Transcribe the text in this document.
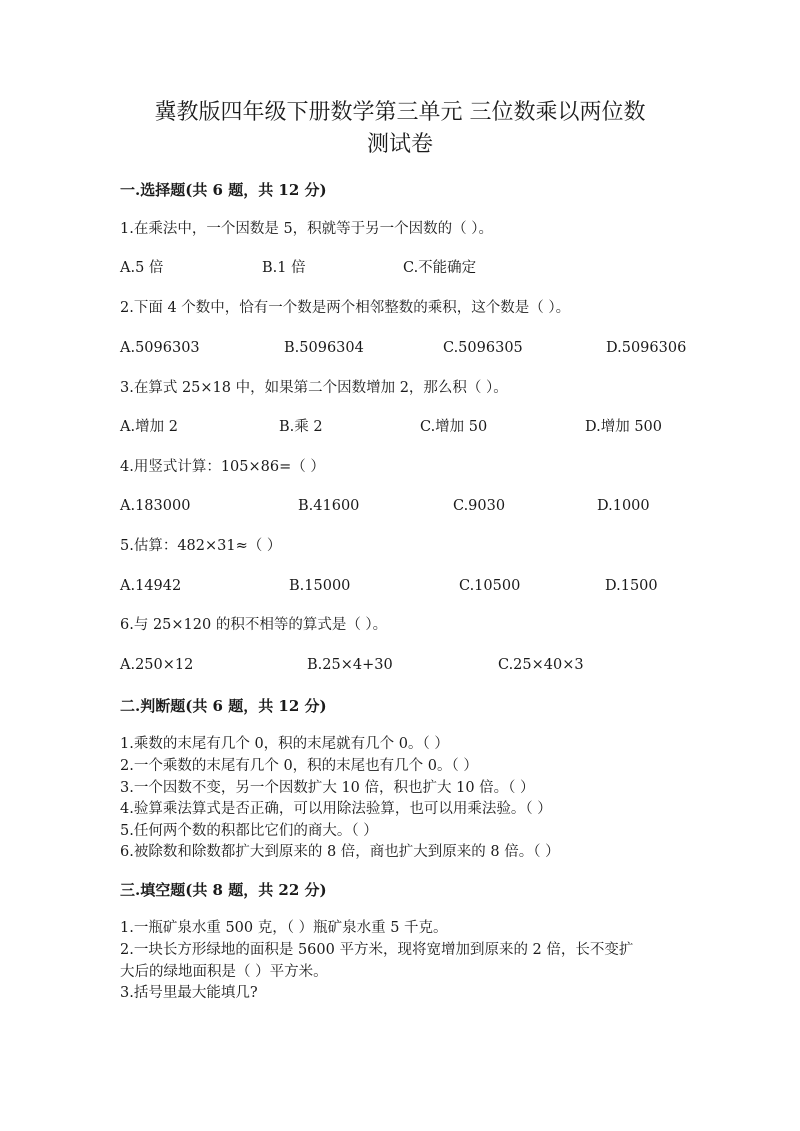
冀教版四年级下册数学第三单元 三位数乘以两位数
测试卷
一.选择题(共 6 题，共 12 分)
1.在乘法中，一个因数是 5，积就等于另一个因数的（ ）。
A.5 倍	B.1 倍	C.不能确定
2.下面 4 个数中，恰有一个数是两个相邻整数的乘积，这个数是（ ）。
A.5096303	B.5096304	C.5096305	D.5096306
3.在算式 25×18 中，如果第二个因数增加 2，那么积（ ）。
A.增加 2	B.乘 2	C.增加 50	D.增加 500
4.用竖式计算：105×86=（ ）
A.183000	B.41600	C.9030	D.1000
5.估算：482×31≈（ ）
A.14942	B.15000	C.10500	D.1500
6.与 25×120 的积不相等的算式是（ ）。
A.250×12	B.25×4+30	C.25×40×3
二.判断题(共 6 题，共 12 分)
1.乘数的末尾有几个 0，积的末尾就有几个 0。（ ）
2.一个乘数的末尾有几个 0，积的末尾也有几个 0。（ ）
3.一个因数不变，另一个因数扩大 10 倍，积也扩大 10 倍。（ ）
4.验算乘法算式是否正确，可以用除法验算，也可以用乘法验。（ ）
5.任何两个数的积都比它们的商大。（ ）
6.被除数和除数都扩大到原来的 8 倍，商也扩大到原来的 8 倍。（ ）
三.填空题(共 8 题，共 22 分)
1.一瓶矿泉水重 500 克，（ ）瓶矿泉水重 5 千克。
2.一块长方形绿地的面积是 5600 平方米，现将宽增加到原来的 2 倍，长不变扩
大后的绿地面积是（ ）平方米。
3.括号里最大能填几?
